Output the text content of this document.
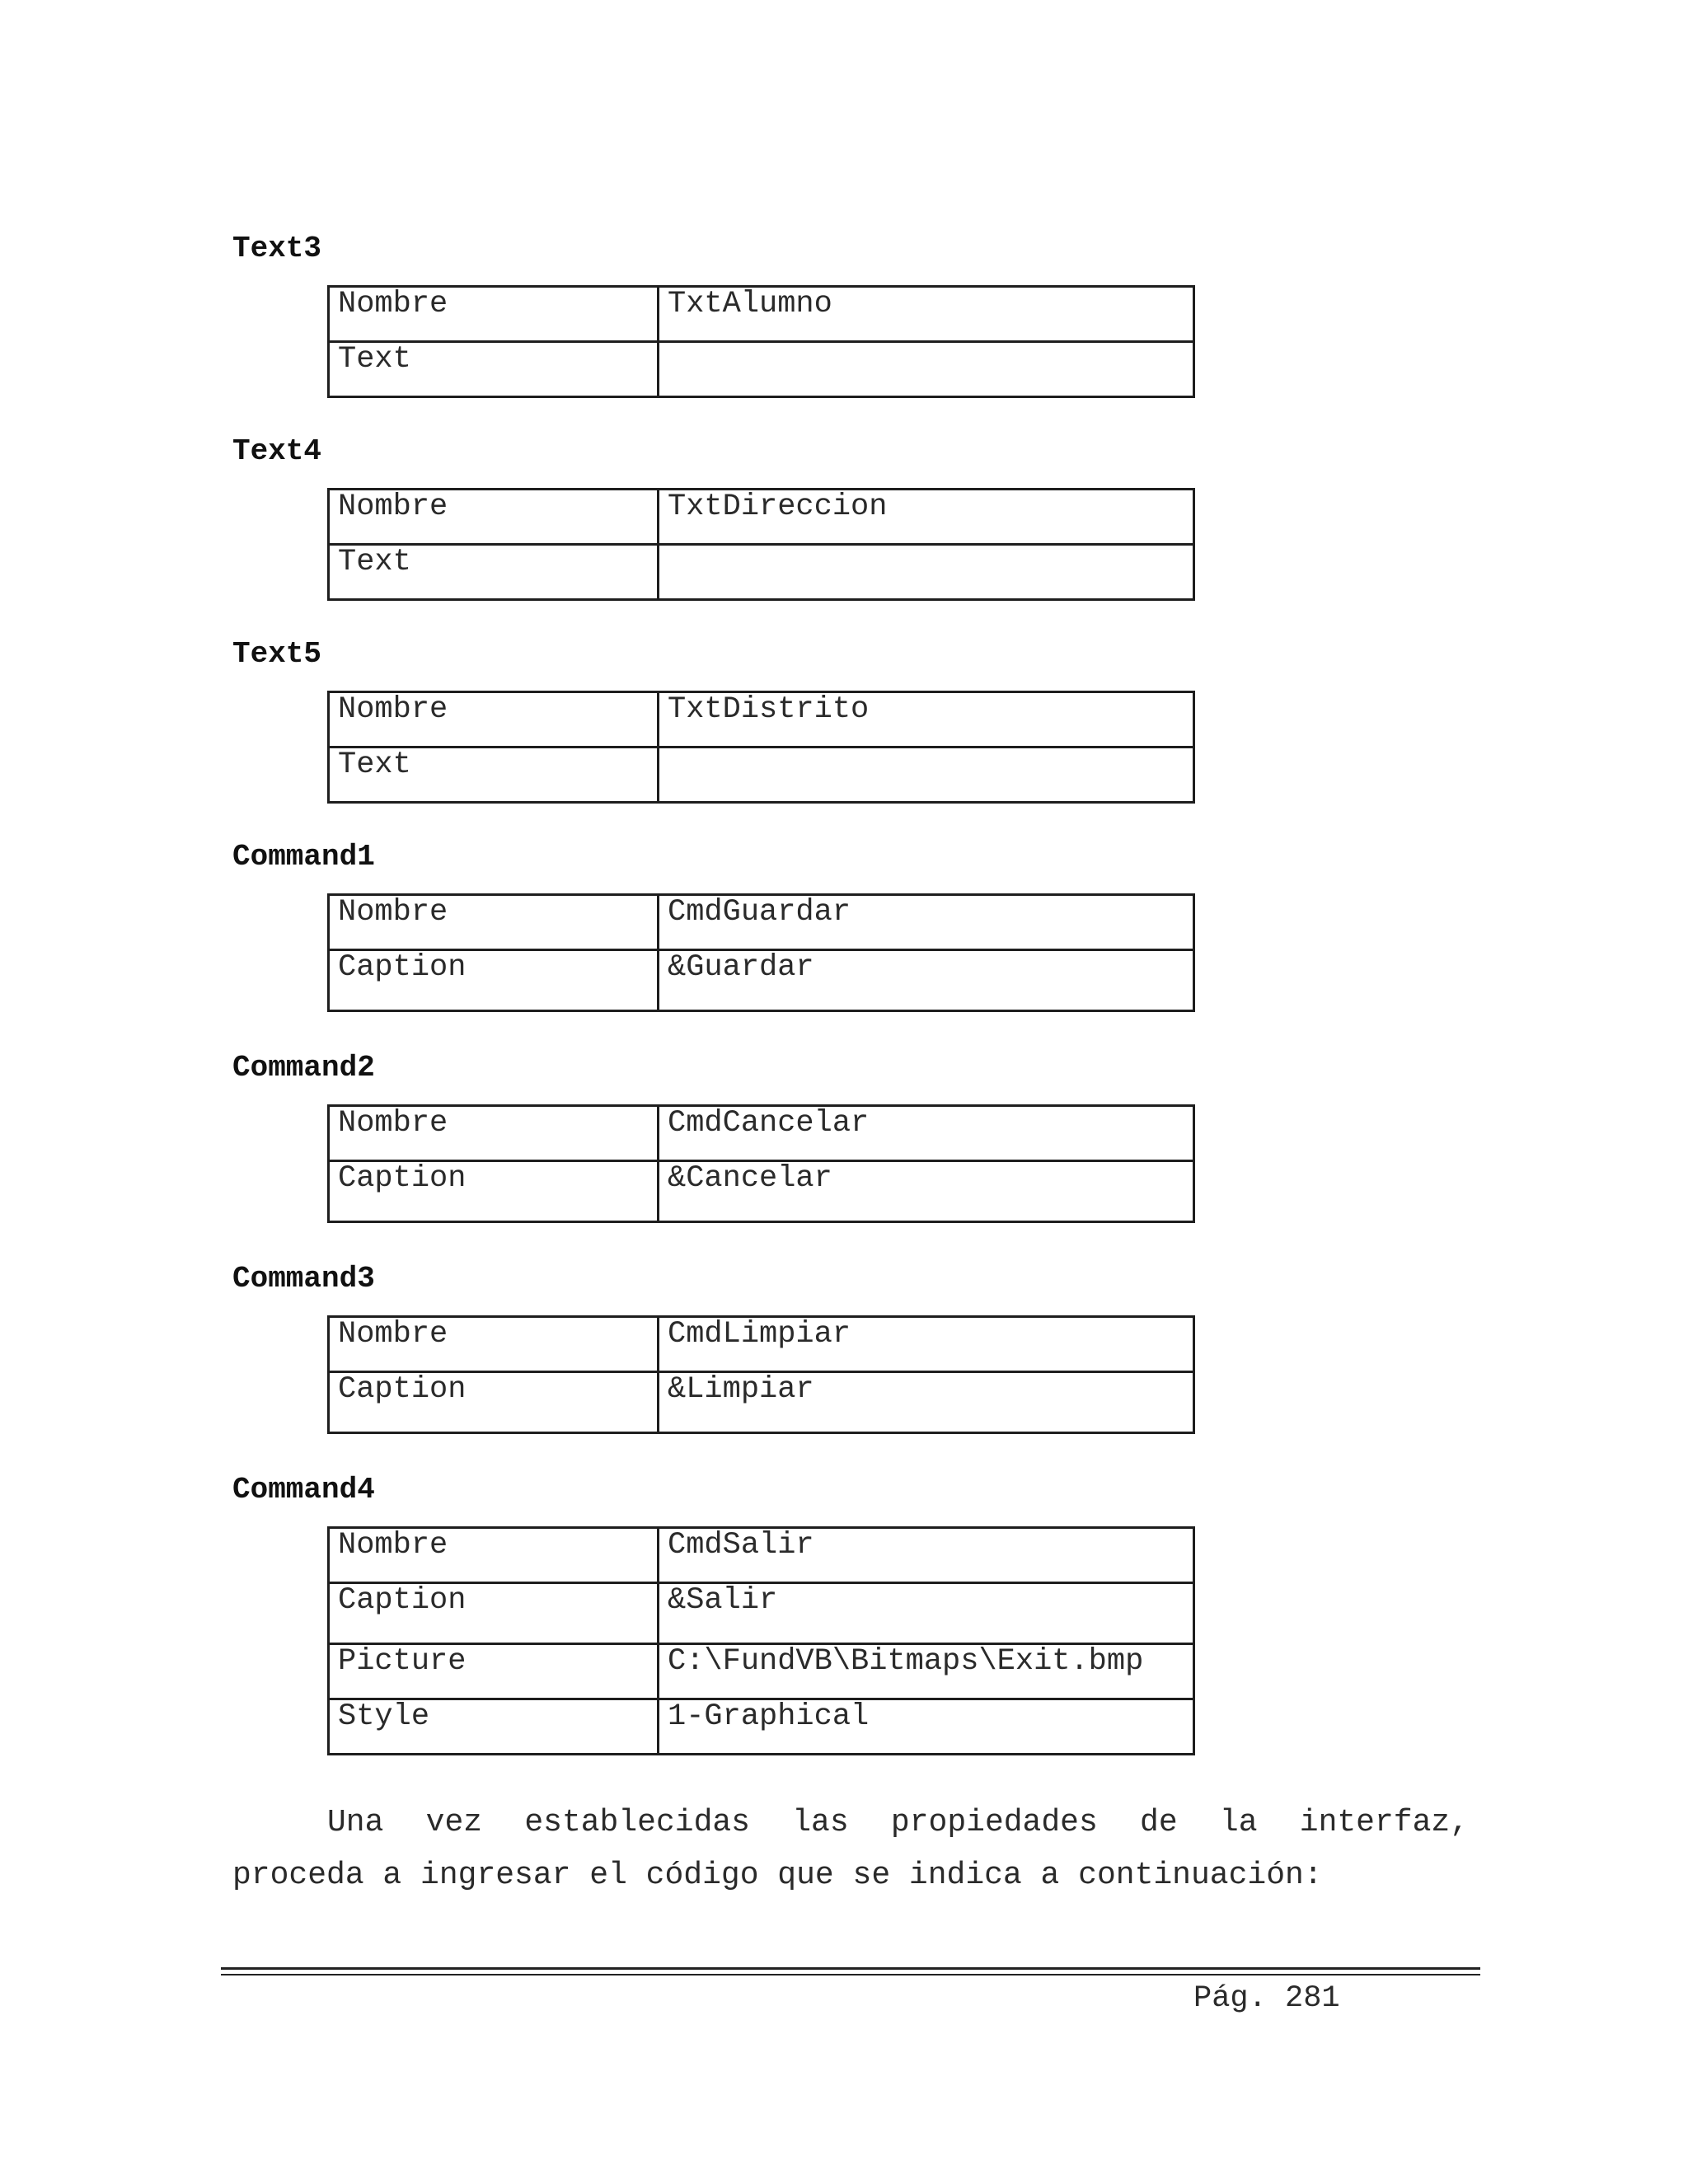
Text3
Nombre	TxtAlumno
Text	
Text4
Nombre	TxtDireccion
Text	
Text5
Nombre	TxtDistrito
Text	
Command1
Nombre	CmdGuardar
Caption	&Guardar
Command2
Nombre	CmdCancelar
Caption	&Cancelar
Command3
Nombre	CmdLimpiar
Caption	&Limpiar
Command4
Nombre	CmdSalir
Caption	&Salir
Picture	C:\FundVB\Bitmaps\Exit.bmp
Style	1-Graphical

Una vez establecidas las propiedades de la interfaz,
proceda a ingresar el código que se indica a continuación:

Pág. 281
